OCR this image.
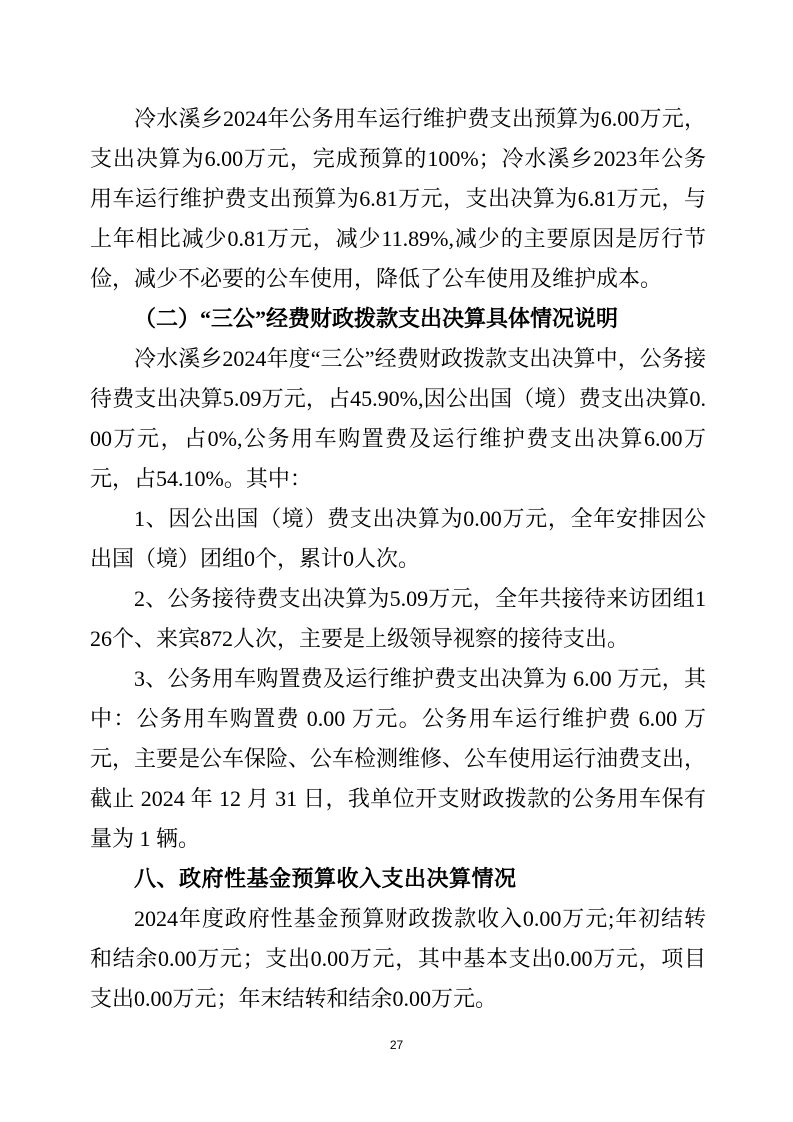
冷水溪乡2024年公务用车运行维护费支出预算为6.00万元，支出决算为6.00万元，完成预算的100%；冷水溪乡2023年公务用车运行维护费支出预算为6.81万元，支出决算为6.81万元，与上年相比减少0.81万元，减少11.89%,减少的主要原因是厉行节俭，减少不必要的公车使用，降低了公车使用及维护成本。

（二）“三公”经费财政拨款支出决算具体情况说明

冷水溪乡2024年度“三公”经费财政拨款支出决算中，公务接待费支出决算5.09万元，占45.90%,因公出国（境）费支出决算0.00万元，占0%,公务用车购置费及运行维护费支出决算6.00万元，占54.10%。其中：

1、因公出国（境）费支出决算为0.00万元，全年安排因公出国（境）团组0个，累计0人次。

2、公务接待费支出决算为5.09万元，全年共接待来访团组126个、来宾872人次，主要是上级领导视察的接待支出。

3、公务用车购置费及运行维护费支出决算为 6.00 万元，其中：公务用车购置费 0.00 万元。公务用车运行维护费 6.00 万元，主要是公车保险、公车检测维修、公车使用运行油费支出，截止 2024 年 12 月 31 日，我单位开支财政拨款的公务用车保有量为 1 辆。

八、政府性基金预算收入支出决算情况

2024年度政府性基金预算财政拨款收入0.00万元;年初结转和结余0.00万元；支出0.00万元，其中基本支出0.00万元，项目支出0.00万元；年末结转和结余0.00万元。

27
